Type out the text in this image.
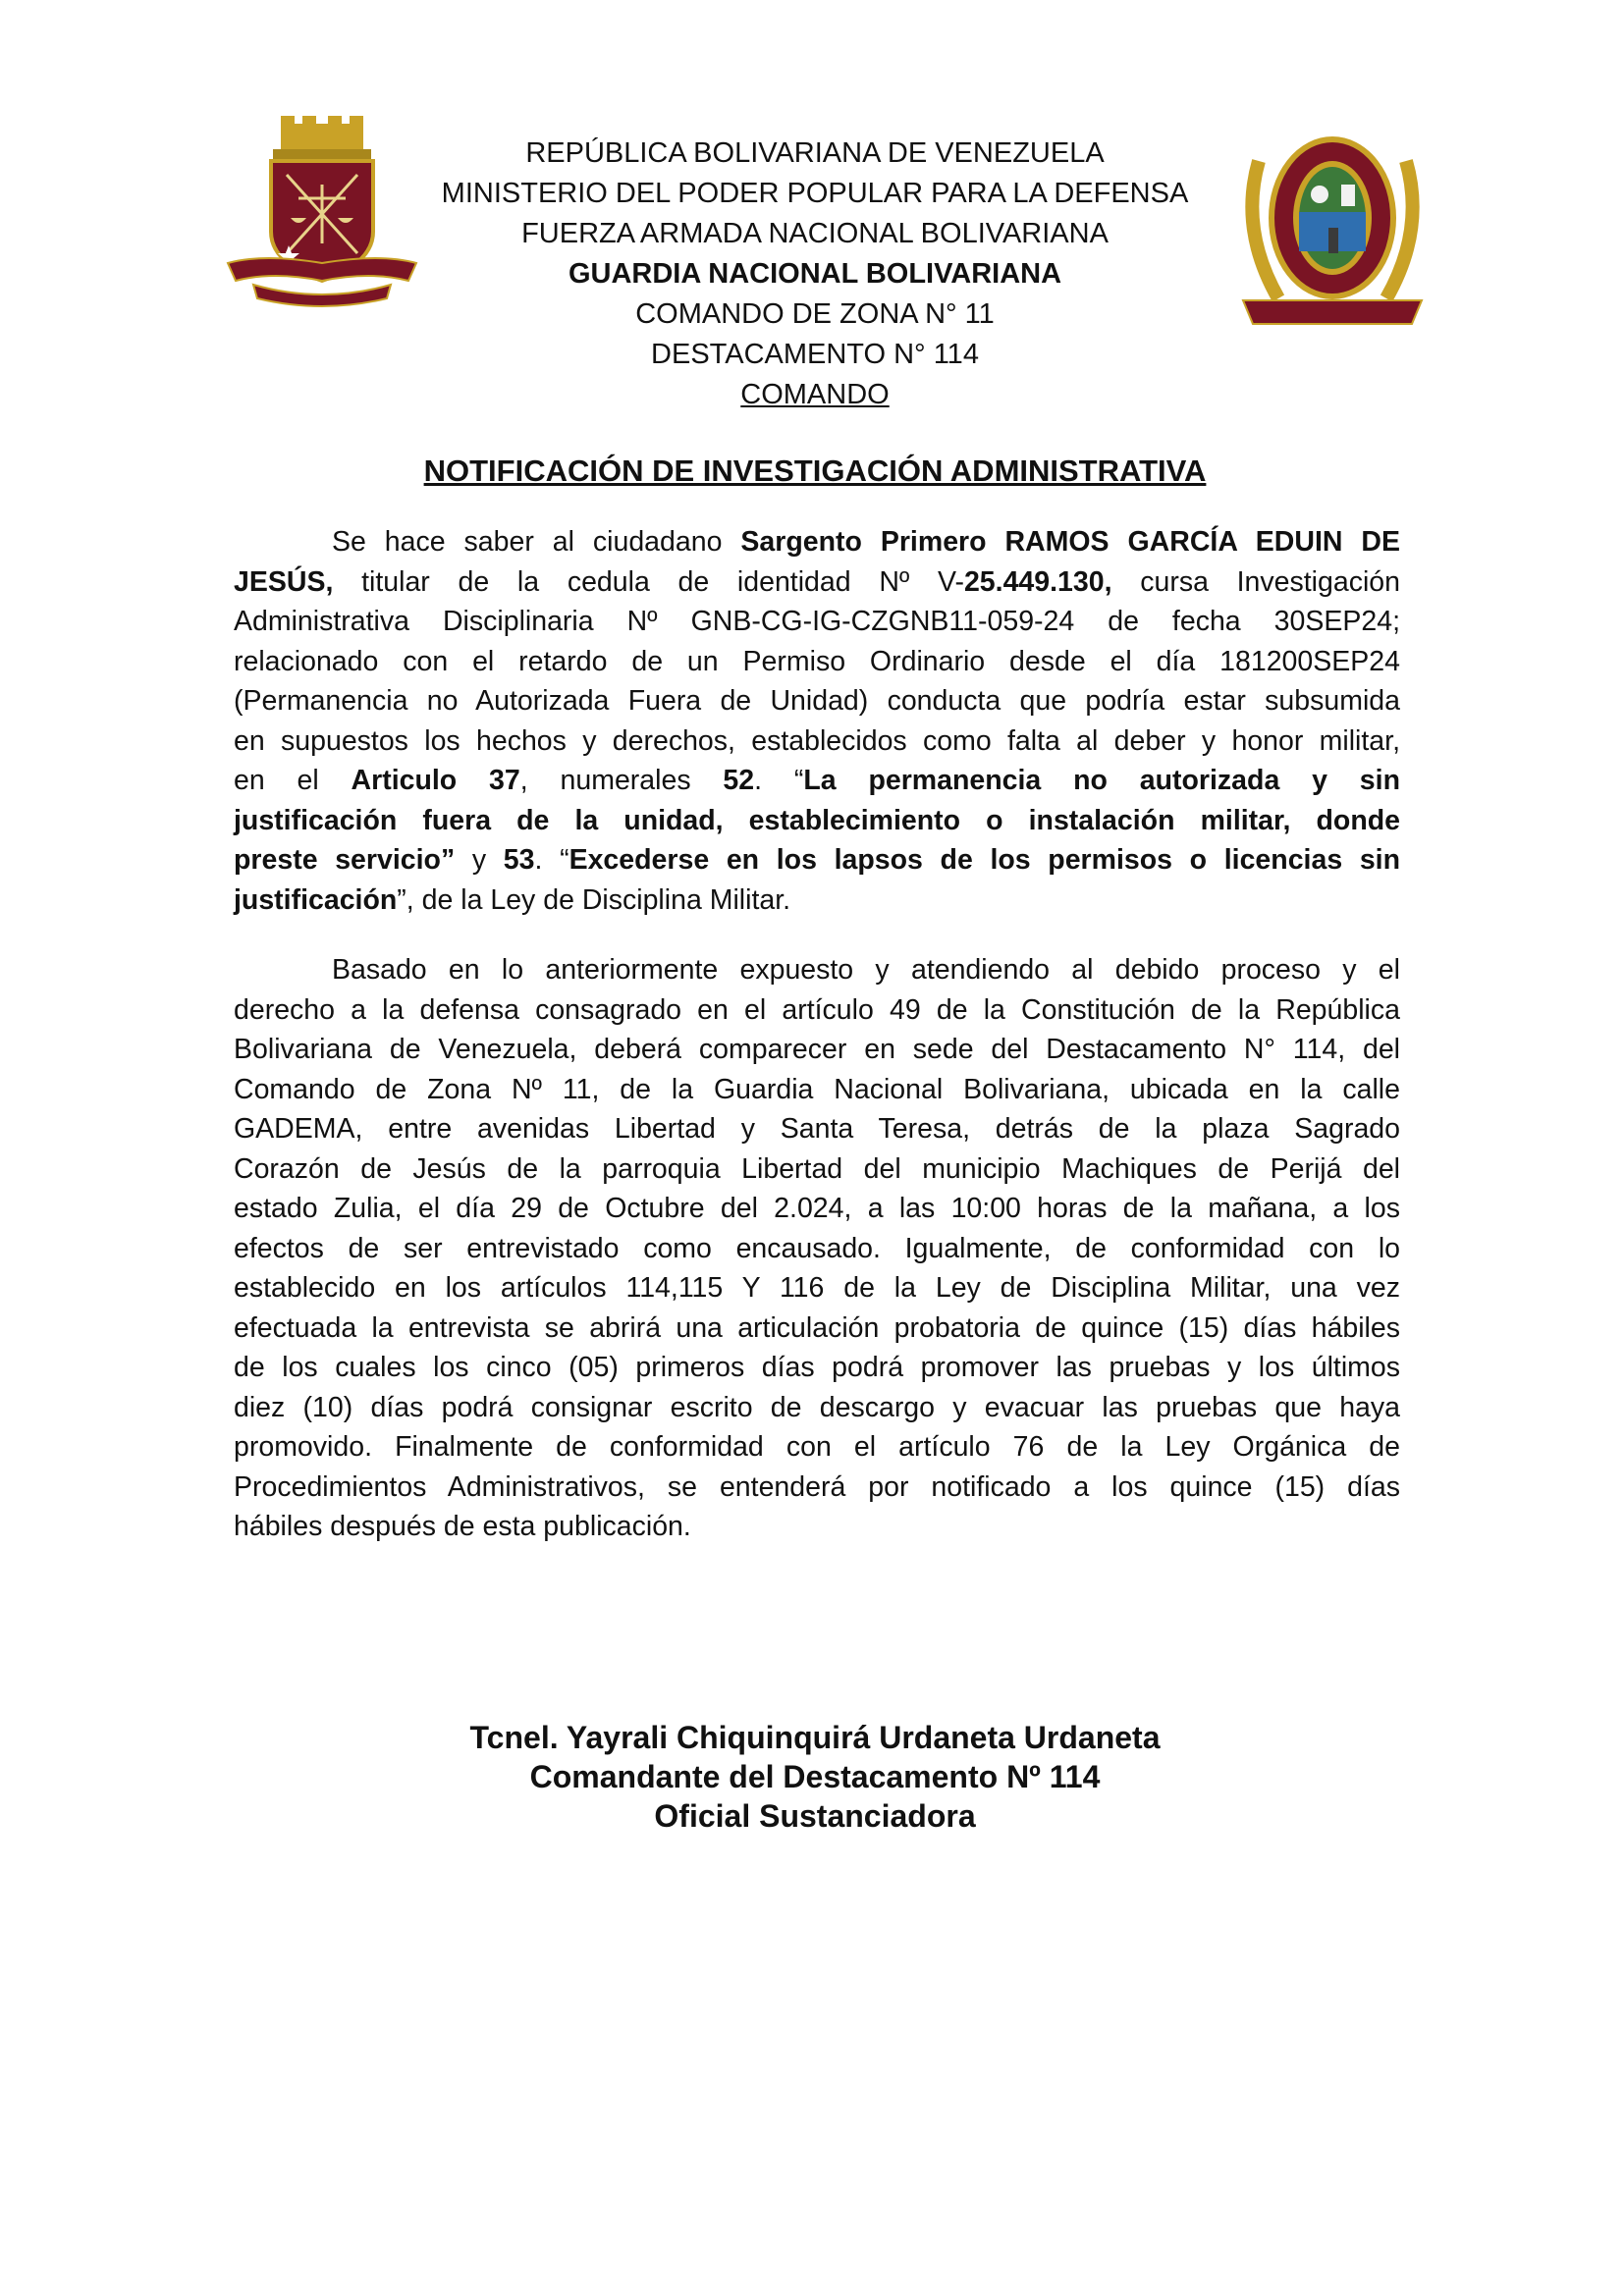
REPÚBLICA BOLIVARIANA DE VENEZUELA
MINISTERIO DEL PODER POPULAR PARA LA DEFENSA
FUERZA ARMADA NACIONAL BOLIVARIANA
GUARDIA NACIONAL BOLIVARIANA
COMANDO DE ZONA N° 11
DESTACAMENTO N° 114
COMANDO
NOTIFICACIÓN DE INVESTIGACIÓN ADMINISTRATIVA
Se hace saber al ciudadano Sargento Primero RAMOS GARCÍA EDUIN DE
JESÚS, titular de la cedula de identidad Nº V-25.449.130, cursa Investigación
Administrativa Disciplinaria Nº GNB-CG-IG-CZGNB11-059-24 de fecha 30SEP24;
relacionado con el retardo de un Permiso Ordinario desde el día 181200SEP24
(Permanencia no Autorizada Fuera de Unidad) conducta que podría estar subsumida
en supuestos los hechos y derechos, establecidos como falta al deber y honor militar,
en el Articulo 37, numerales 52. “La permanencia no autorizada y sin
justificación fuera de la unidad, establecimiento o instalación militar, donde
preste servicio” y 53. “Excederse en los lapsos de los permisos o licencias sin
justificación”, de la Ley de Disciplina Militar.
Basado en lo anteriormente expuesto y atendiendo al debido proceso y el
derecho a la defensa consagrado en el artículo 49 de la Constitución de la República
Bolivariana de Venezuela, deberá comparecer en sede del Destacamento N° 114, del
Comando de Zona Nº 11, de la Guardia Nacional Bolivariana, ubicada en la calle
GADEMA, entre avenidas Libertad y Santa Teresa, detrás de la plaza Sagrado
Corazón de Jesús de la parroquia Libertad del municipio Machiques de Perijá del
estado Zulia, el día 29 de Octubre del 2.024, a las 10:00 horas de la mañana, a los
efectos de ser entrevistado como encausado. Igualmente, de conformidad con lo
establecido en los artículos 114,115 Y 116 de la Ley de Disciplina Militar, una vez
efectuada la entrevista se abrirá una articulación probatoria de quince (15) días hábiles
de los cuales los cinco (05) primeros días podrá promover las pruebas y los últimos
diez (10) días podrá consignar escrito de descargo y evacuar las pruebas que haya
promovido. Finalmente de conformidad con el artículo 76 de la Ley Orgánica de
Procedimientos Administrativos, se entenderá por notificado a los quince (15) días
hábiles después de esta publicación.
Tcnel. Yayrali Chiquinquirá Urdaneta Urdaneta
Comandante del Destacamento Nº 114
Oficial Sustanciadora
